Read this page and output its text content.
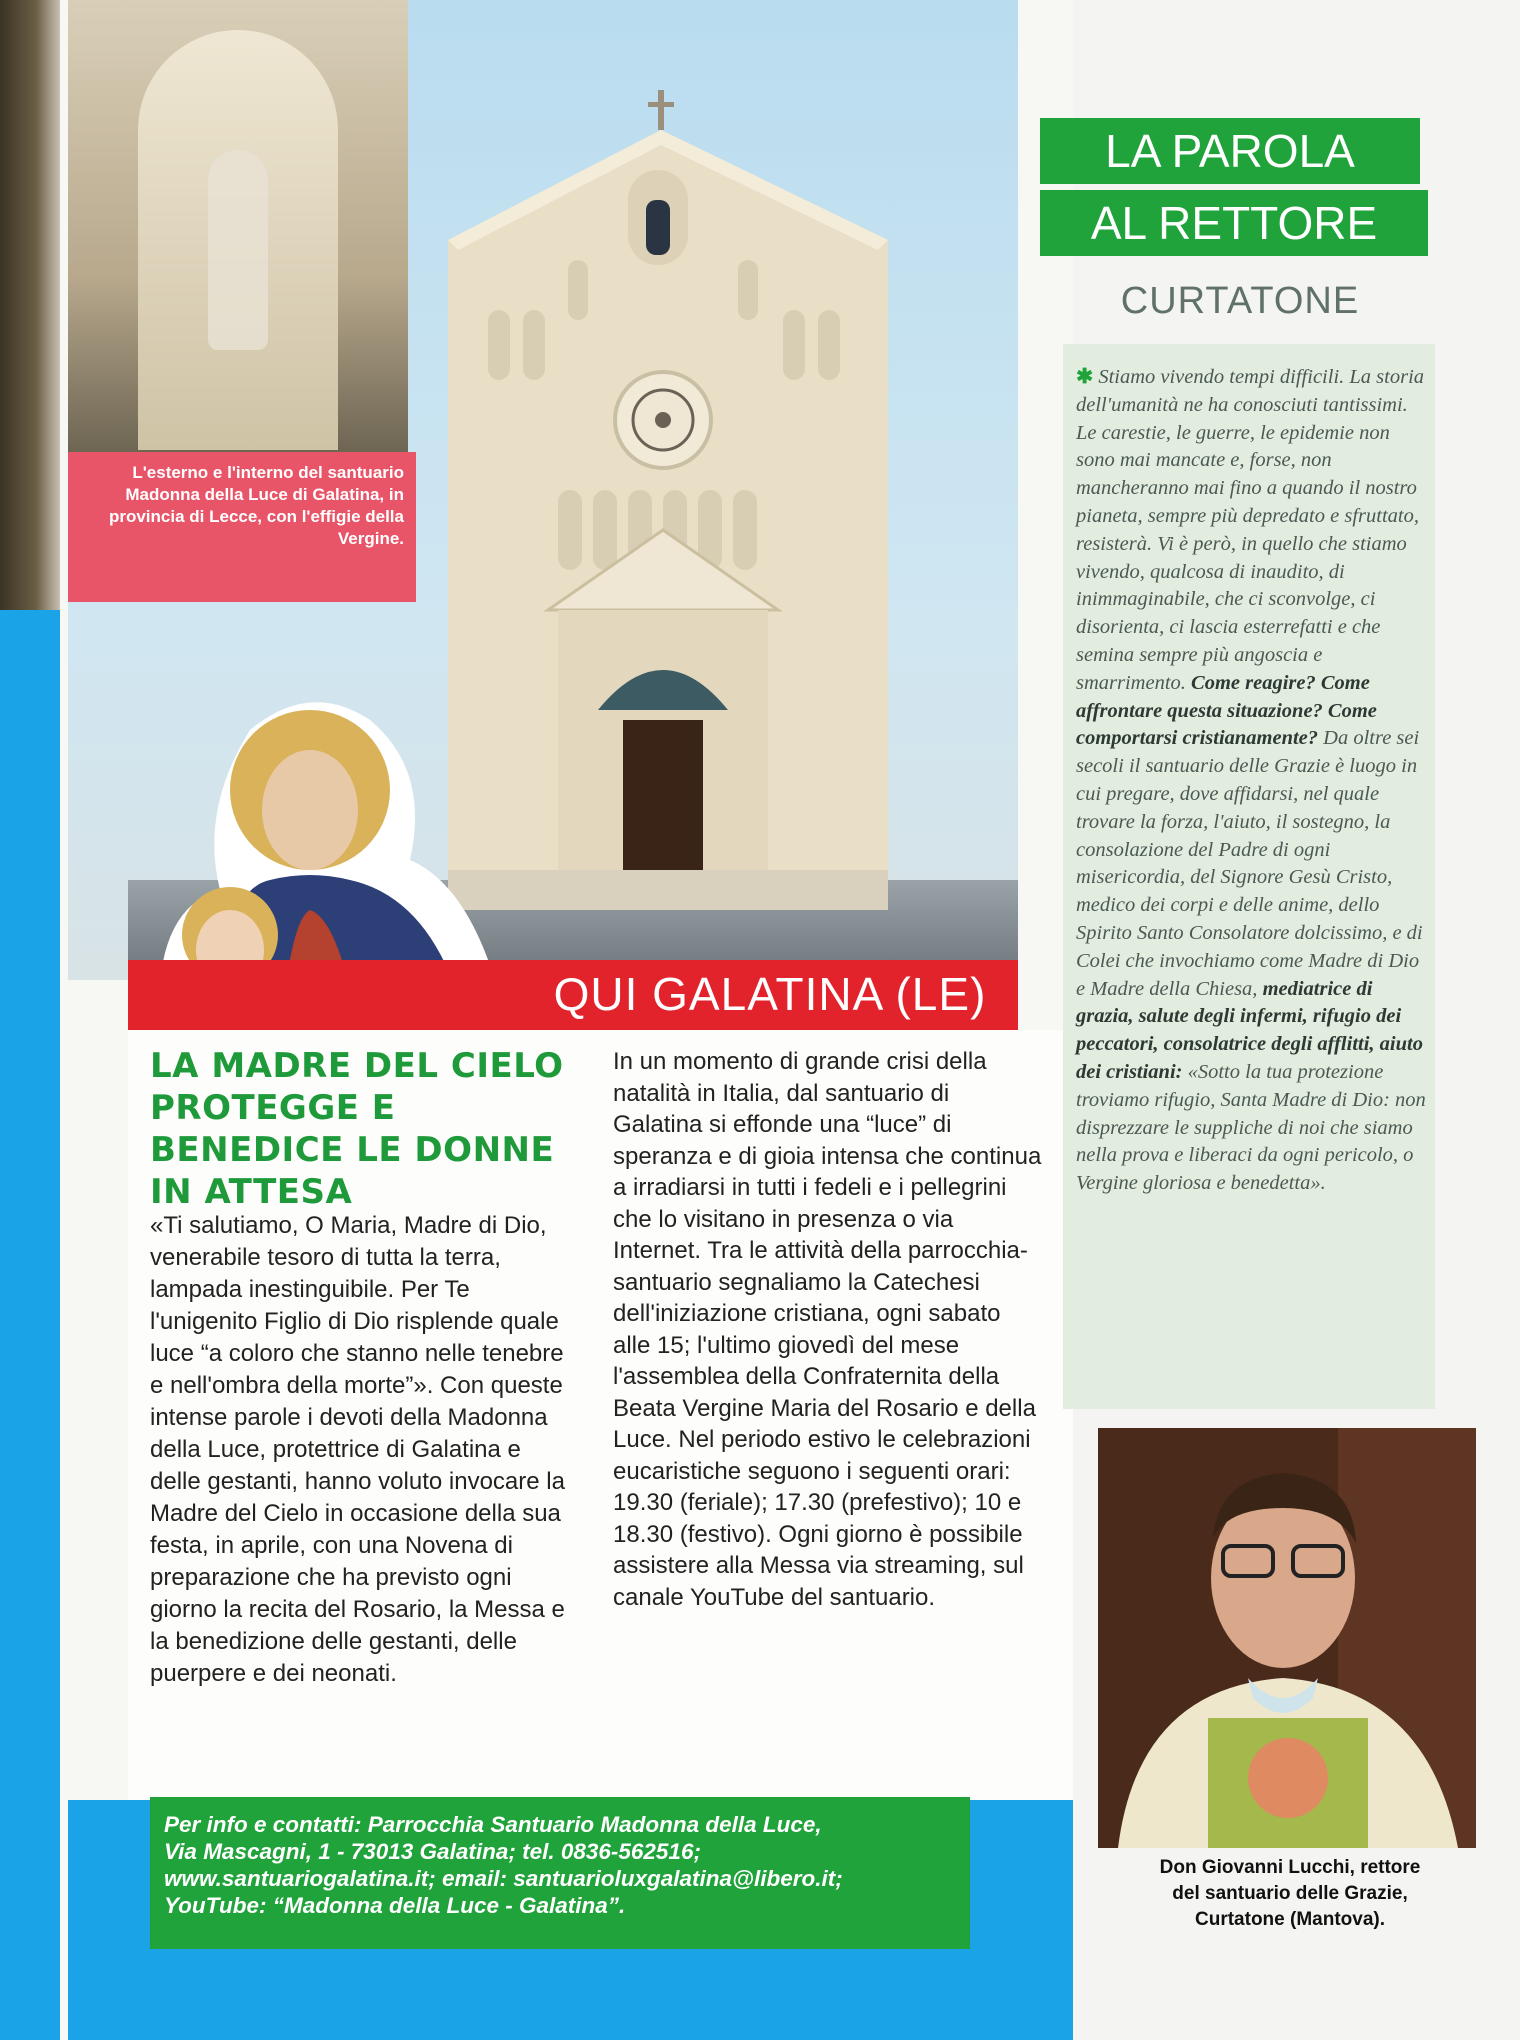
L'esterno e l'interno del santuario Madonna della Luce di Galatina, in provincia di Lecce, con l'effigie della Vergine.
QUI GALATINA (LE)
LA MADRE DEL CIELO PROTEGGE E BENEDICE LE DONNE IN ATTESA
«Ti salutiamo, O Maria, Madre di Dio, venerabile tesoro di tutta la terra, lampada inestinguibile. Per Te l'unigenito Figlio di Dio risplende quale luce “a coloro che stanno nelle tenebre e nell'ombra della morte”». Con queste intense parole i devoti della Madonna della Luce, protettrice di Galatina e delle gestanti, hanno voluto invocare la Madre del Cielo in occasione della sua festa, in aprile, con una Novena di preparazione che ha previsto ogni giorno la recita del Rosario, la Messa e la benedizione delle gestanti, delle puerpere e dei neonati.
In un momento di grande crisi della natalità in Italia, dal santuario di Galatina si effonde una “luce” di speranza e di gioia intensa che continua a irradiarsi in tutti i fedeli e i pellegrini che lo visitano in presenza o via Internet. Tra le attività della parrocchia-santuario segnaliamo la Catechesi dell'iniziazione cristiana, ogni sabato alle 15; l'ultimo giovedì del mese l'assemblea della Confraternita della Beata Vergine Maria del Rosario e della Luce. Nel periodo estivo le celebrazioni eucaristiche seguono i seguenti orari: 19.30 (feriale); 17.30 (prefestivo); 10 e 18.30 (festivo). Ogni giorno è possibile assistere alla Messa via streaming, sul canale YouTube del santuario.
Per info e contatti: Parrocchia Santuario Madonna della Luce,
Via Mascagni, 1 - 73013 Galatina; tel. 0836-562516;
www.santuariogalatina.it; email: santuarioluxgalatina@libero.it;
YouTube: “Madonna della Luce - Galatina”.
LA PAROLA
AL RETTORE
CURTATONE
✱ Stiamo vivendo tempi difficili. La storia dell'umanità ne ha conosciuti tantissimi. Le carestie, le guerre, le epidemie non sono mai mancate e, forse, non mancheranno mai fino a quando il nostro pianeta, sempre più depredato e sfruttato, resisterà. Vi è però, in quello che stiamo vivendo, qualcosa di inaudito, di inimmaginabile, che ci sconvolge, ci disorienta, ci lascia esterrefatti e che semina sempre più angoscia e smarrimento. Come reagire? Come affrontare questa situazione? Come comportarsi cristianamente? Da oltre sei secoli il santuario delle Grazie è luogo in cui pregare, dove affidarsi, nel quale trovare la forza, l'aiuto, il sostegno, la consolazione del Padre di ogni misericordia, del Signore Gesù Cristo, medico dei corpi e delle anime, dello Spirito Santo Consolatore dolcissimo, e di Colei che invochiamo come Madre di Dio e Madre della Chiesa, mediatrice di grazia, salute degli infermi, rifugio dei peccatori, consolatrice degli afflitti, aiuto dei cristiani: «Sotto la tua protezione troviamo rifugio, Santa Madre di Dio: non disprezzare le suppliche di noi che siamo nella prova e liberaci da ogni pericolo, o Vergine gloriosa e benedetta».
Don Giovanni Lucchi, rettore
del santuario delle Grazie,
Curtatone (Mantova).
